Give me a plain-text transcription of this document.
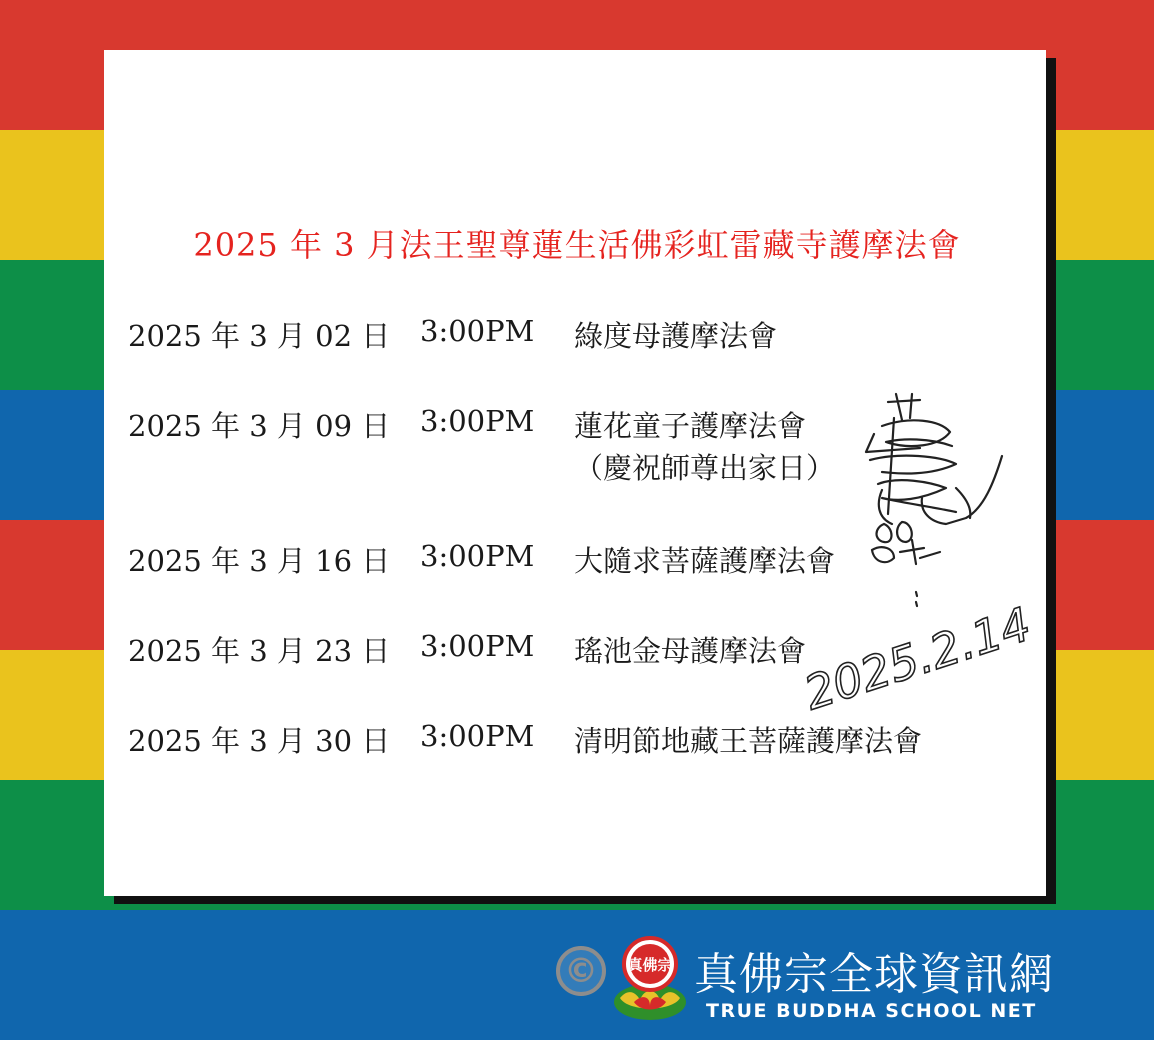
2025 年 3 月法王聖尊蓮生活佛彩虹雷藏寺護摩法會
2025 年 3 月 02 日 3:00PM 綠度母護摩法會
2025 年 3 月 09 日 3:00PM 蓮花童子護摩法會
（慶祝師尊出家日）
2025 年 3 月 16 日 3:00PM 大隨求菩薩護摩法會
2025 年 3 月 23 日 3:00PM 瑤池金母護摩法會
2025 年 3 月 30 日 3:00PM 清明節地藏王菩薩護摩法會
2025.2.14
©	真佛宗 真佛宗全球資訊網
TRUE BUDDHA SCHOOL NET
